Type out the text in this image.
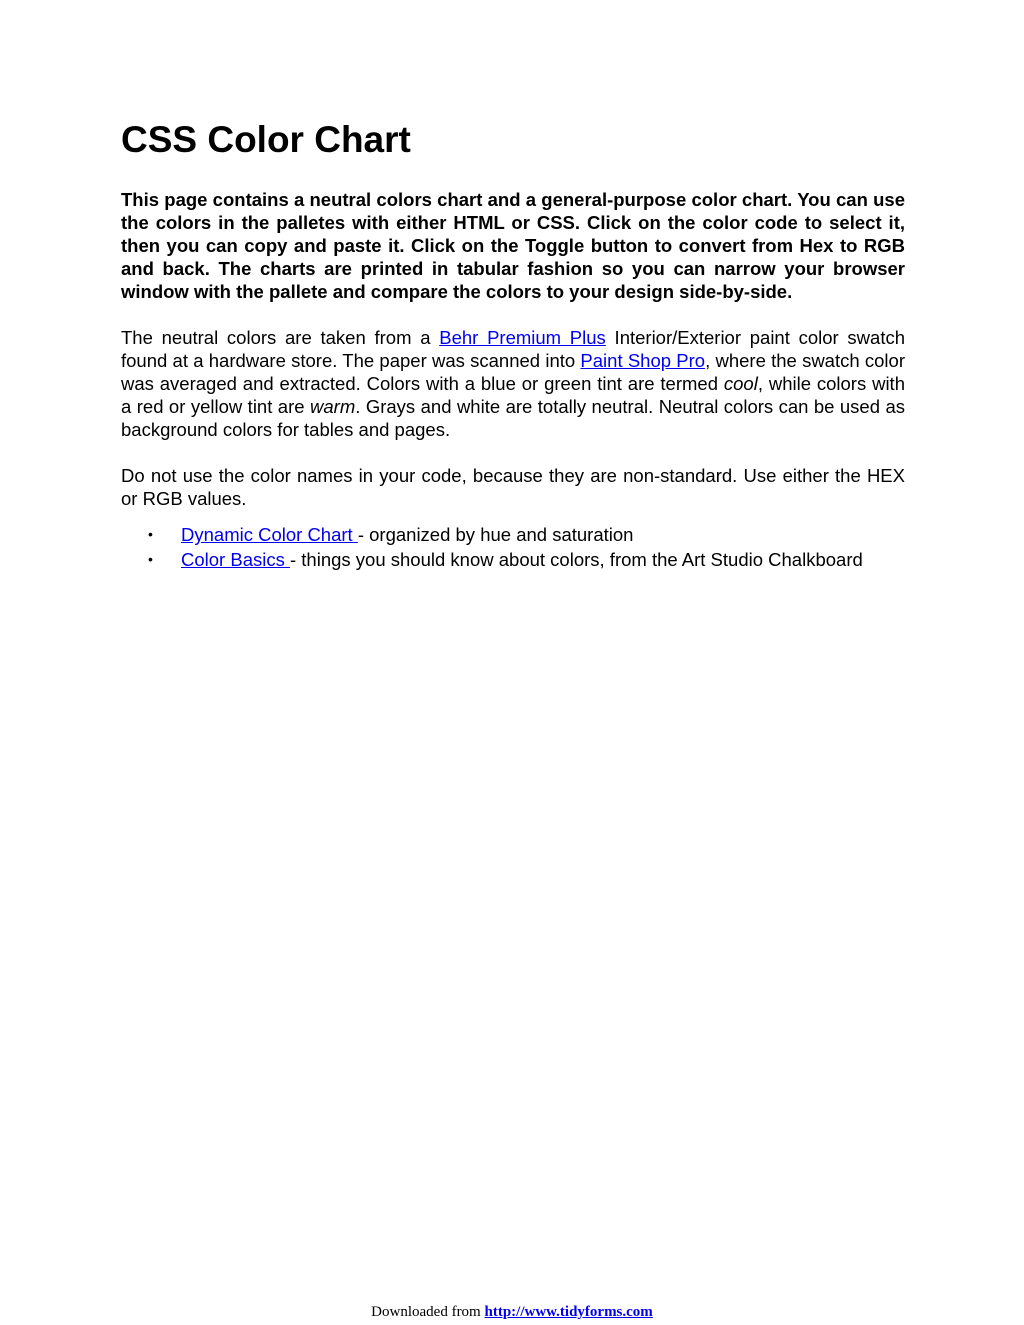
CSS Color Chart

This page contains a neutral colors chart and a general-purpose color chart. You can use the colors in the palletes with either HTML or CSS. Click on the color code to select it, then you can copy and paste it. Click on the Toggle button to convert from Hex to RGB and back. The charts are printed in tabular fashion so you can narrow your browser window with the pallete and compare the colors to your design side-by-side.

The neutral colors are taken from a Behr Premium Plus Interior/Exterior paint color swatch found at a hardware store. The paper was scanned into Paint Shop Pro, where the swatch color was averaged and extracted. Colors with a blue or green tint are termed cool, while colors with a red or yellow tint are warm. Grays and white are totally neutral. Neutral colors can be used as background colors for tables and pages.

Do not use the color names in your code, because they are non-standard. Use either the HEX or RGB values.

• Dynamic Color Chart - organized by hue and saturation
• Color Basics - things you should know about colors, from the Art Studio Chalkboard
Downloaded from http://www.tidyforms.com
